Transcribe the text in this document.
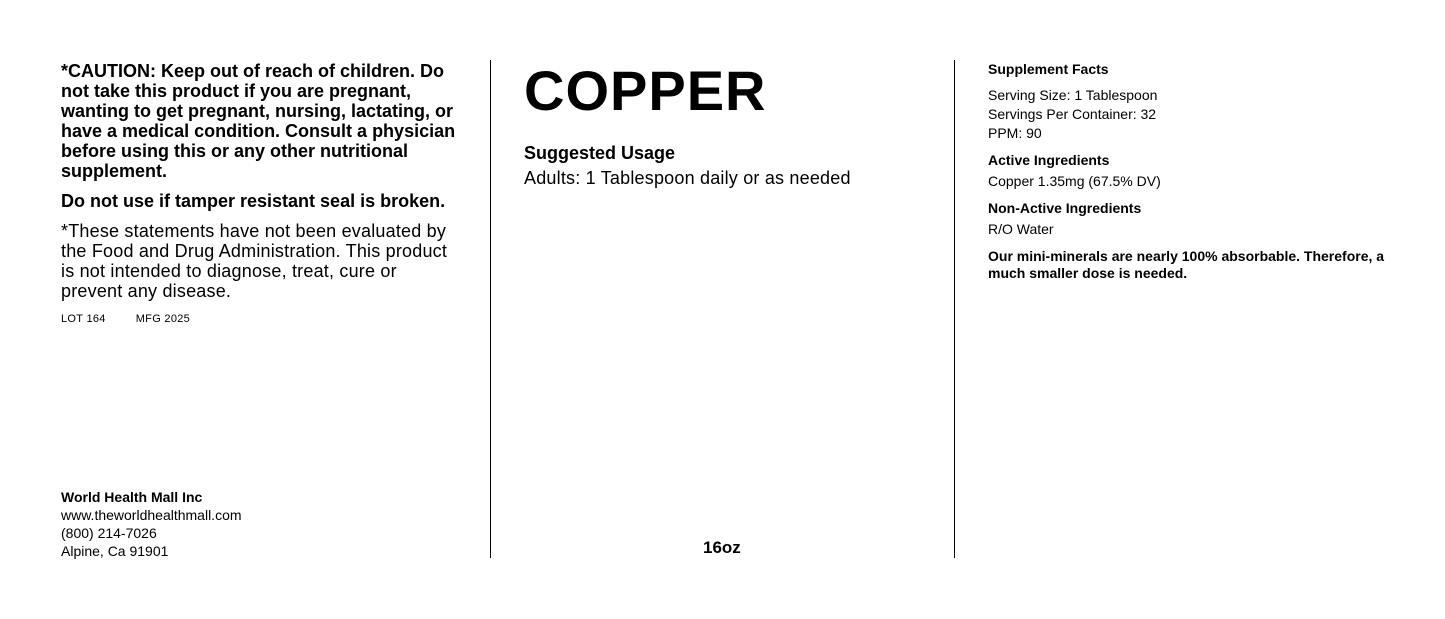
*CAUTION: Keep out of reach of children. Do not take this product if you are pregnant, wanting to get pregnant, nursing, lactating, or have a medical condition. Consult a physician before using this or any other nutritional supplement.

Do not use if tamper resistant seal is broken.

*These statements have not been evaluated by the Food and Drug Administration. This product is not intended to diagnose, treat, cure or prevent any disease.

LOT 164	MFG 2025
World Health Mall Inc
www.theworldhealthmall.com
(800) 214-7026
Alpine, Ca 91901
COPPER
Suggested Usage
Adults: 1 Tablespoon daily or as needed
16oz
Supplement Facts
Serving Size: 1 Tablespoon
Servings Per Container: 32
PPM: 90
Active Ingredients
Copper 1.35mg (67.5% DV)
Non-Active Ingredients
R/O Water
Our mini-minerals are nearly 100% absorbable. Therefore, a much smaller dose is needed.
